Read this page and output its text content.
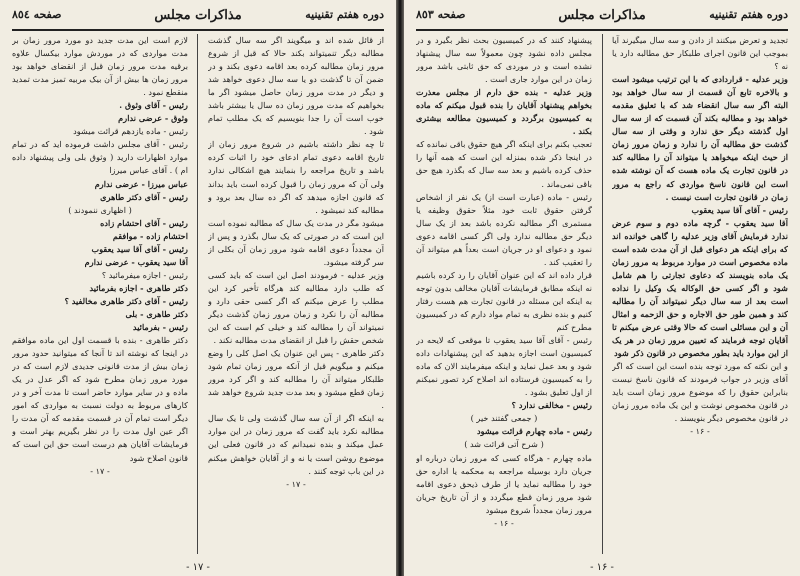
دوره هفتم تقنينيه
مذاكرات مجلس
صفحه ٨٥٤

لازم است این مدت جدید دو مورد مرور زمان بر مدت مواردی که در موردش موارد بیکسال علاوه برقیه مدت مرور زمان قبل از انقضای خواهد بود مرور زمان ها بیش از آن بیک مربیه تمیز مدت تمدید منقطع نمود .

رئیس - آقای وثوق .

وثوق - عرضی ندارم

رئیس - ماده یازدهم قرائت میشود

رئیس - آقای مجلس داشت فرموده اید که در تمام موارد اظهارات دارید ( وثوق بلی ولی پیشنهاد داده ام ) . آقای عباس میرزا

عباس میرزا - عرضی ندارم

رئیس - آقای دکتر طاهری

( اظهاری ننمودند )

رئیس - آقای احتشام زاده

احتشام زاده - موافقم

رئیس - آقای آقا سید یعقوب

آقا سید یعقوب - عرضی ندارم

رئیس - اجازه میفرمائید ؟

دکتر طاهری - اجازه بفرمائید

رئیس - آقای دکتر طاهری مخالفید ؟

دکتر طاهری - بلی

رئیس - بفرمائید

دکتر طاهری - بنده با قسمت اول این ماده موافقم در اینجا که نوشته اند تا آنجا که میتوانید حدود مرور زمان بیش از مدت قانونی جدیدی لازم است که در مورد مرور زمان مطرح شود که اگر عدل در یک ماده و در سایر موارد حاضر است تا مدت آخر و در کارهای مربوط به دولت نسبت به مواردی که امور دیگر است تمام آن در قسمت مقدمه که آن مدت را اگر عین اول مدت را در نظر بگیریم بهتر است و فرمایشات آقایان هم درست است حق این است که قانون اصلاح شود

- ۱۷ -

از قائل شده اند و میگویند اگر سه سال گذشت مطالبه دیگر تنمیتواند بکند حالا که قبل از شروع مرور زمان مطالبه کرده بعد اقامه دعوی بکند و در ضمن آن تا گذشت دو یا سه سال دعوی خواهد شد و دیگر در مدت مرور زمان حاصل میشود اگر ما بخواهیم که مدت مرور زمان ده سال یا بیشتر باشد خوب است آن را جدا بنویسیم که یک مطلب تمام شود .

تا چه نظر داشته باشیم در شروع مرور زمان از تاریخ اقامه دعوی تمام ادعای خود را اثبات کرده باشد و تاریخ مراجعه را بنمایند هیچ اشکالی ندارد ولی آن که مرور زمان را قبول کرده است باید بداند که قانون اجازه میدهد که اگر ده سال بعد برود و مطالبه کند نمیشود .

میشود مگر در مدت یک سال که مطالبه نموده است این است که در صورتی که یک سال بگذرد و پس از آن مجدداً دعوی اقامه شود مرور زمان آن بکلی از سر گرفته میشود.

وزیر عدلیه - فرمودند اصل این است که باید کسی که طلب دارد مطالبه کند هرگاه تأخیر کرد این مطلب را عرض میکنم که اگر کسی حقی دارد و مطالبه آن را نکرد و زمان مرور زمان گذشت دیگر نمیتواند آن را مطالبه کند و خیلی کم است که این شخص حقش را قبل از انقضای مدت مطالبه نکند .

دکتر طاهری - پس این عنوان یک اصل کلی را وضع میکنم و میگویم قبل از آنکه مرور زمان تمام شود طلبکار میتواند آن را مطالبه کند و اگر کرد مرور زمان قطع میشود و بعد مدت جدید شروع خواهد شد .

به اینکه اگر از آن سه سال گذشت ولی تا یک سال مطالبه نکرد باید گفت که مرور زمان در این موارد عمل میکند و بنده نمیدانم که در قانون فعلی این موضوع روشن است یا نه و از آقایان خواهش میکنم در این باب توجه کنند .

- ۱۷ -

- ۱۷ -
دوره هفتم تقنینیه
مذاکرات مجلس
صفحه ٨٥٣

تجدید و تعرض میکنند از دادن و سه سال میگیرند آیا بموجب این قانون اجرای طلبکار حق مطالبه دارد یا نه ؟

وزیر عدلیه - قراردادی که با این ترتیب میشود است و بالاخره تابع آن قسمت از سه سال خواهد بود البته اگر سه سال انقضاء شد که با تعلیق مقدمه خواهد بود و مطالبه بکند آن قسمت که از سه سال اول گذشته دیگر حق ندارد و وقتی از سه سال گذشت حق مطالبه آن را ندارد و زمان مرور زمان از حیث اینکه میخواهد یا میتواند آن را مطالبه کند در قانون تجارت یک ماده هست که آن نوشته شده است این قانون ناسخ مواردی که راجع به مرور زمان در قانون تجارت است نیست .

رئیس - آقای آقا سید یعقوب

آقا سید یعقوب - گرچه ماده دوم و سوم عرض ندارد فرمایش آقای وزیر عدلیه را گاهی خوانده اند که برای اینکه هر دعوای قبل از آن مدت شده است ماده مخصوص است در موارد مربوط به مرور زمان یک ماده بنویسند که دعاوی تجارتی را هم شامل شود و اگر کسی حق الوکاله یک وکیل را نداده است بعد از سه سال دیگر نمیتواند آن را مطالبه کند و همین طور حق الاجاره و حق الزحمه و امثال آن و این مسائلی است که حالا وقتی عرض میکنم تا آقایان توجه فرمایند که تعیین مرور زمان در هر یک از این موارد باید بطور مخصوص در قانون ذکر شود

و این نکته که مورد توجه بنده است این است که اگر آقای وزیر در جواب فرمودند که قانون ناسخ نیست بنابراین حقوق را که موضوع مرور زمان است باید در قانون مخصوص نوشت و این یک ماده مرور زمان در قانون مخصوص دیگر بنویسند .

- ۱۶ -

پیشنهاد کنند که در کمیسیون بحث نظر بگیرد و در مجلس داده نشود چون معمولاً سه سال پیشنهاد نشده است و در موردی که حق ثابتی باشد مرور زمان در این موارد جاری است .

وزیر عدلیه - بنده حق دارم از مجلس معذرت بخواهم پیشنهاد آقایان را بنده قبول میکنم که ماده به کمیسیون برگردد و کمیسیون مطالعه بیشتری بکند .

تعجب بکنم برای اینکه اگر هیچ حقوق باقی نمانده که در اینجا ذکر شده بمنزله این است که همه آنها را حذف کرده باشیم و بعد سه سال که بگذرد هیچ حق باقی نمی‌ماند .

رئیس - ماده (عبارت است از) یک نفر از اشخاص گرفتن حقوق ثابت خود مثلاً حقوق وظیفه یا مستمری اگر مطالبه نکرده باشد بعد از یک سال دیگر حق مطالبه ندارد ولی اگر کسی اقامه دعوی نمود و دعوای او در جریان است بعداً هم میتواند آن را تعقیب کند .

قرار داده اند که این عنوان آقایان را رد کرده باشیم نه اینکه مطابق فرمایشات آقایان مخالف بدون توجه به اینکه این مسئله در قانون تجارت هم هست رفتار کنیم و بنده نظری به تمام مواد دارم که در کمیسیون مطرح کنم

رئیس - آقای آقا سید یعقوب تا موقعی که لایحه در کمیسیون است اجازه بدهید که این پیشنهادات داده شود و بعد عمل نماید و اینکه میفرمایند الان که ماده را به کمیسیون فرستاده اند اصلاح کرد تصور نمیکنم از اول تعلیق بشود .

رئیس - مخالفی ندارد ؟

( جمعی گفتند خیر )

رئیس - ماده چهارم قرائت میشود

( شرح آتی قرائت شد )

ماده چهارم - هرگاه کسی که مرور زمان درباره او جریان دارد بوسیله مراجعه به محکمه یا اداره حق خود را مطالبه نماید یا از طرف ذیحق دعوی اقامه شود مرور زمان قطع میگردد و از آن تاریخ جریان مرور زمان مجدداً شروع میشود

- ۱۶ -

- ۱۶ -
